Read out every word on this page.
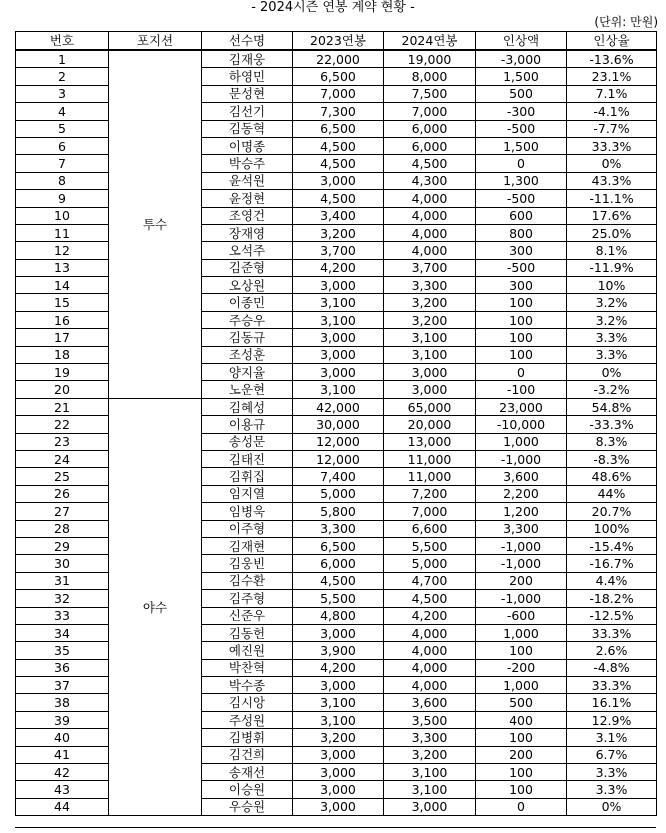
- 2024시즌 연봉 계약 현황 -
(단위: 만원)
번호	포지션	선수명	2023연봉	2024연봉	인상액	인상율
1	투수	김재웅	22,000	19,000	-3,000	-13.6%
2		하영민	6,500	8,000	1,500	23.1%
3		문성현	7,000	7,500	500	7.1%
4		김선기	7,300	7,000	-300	-4.1%
5		김동혁	6,500	6,000	-500	-7.7%
6		이명종	4,500	6,000	1,500	33.3%
7		박승주	4,500	4,500	0	0%
8		윤석원	3,000	4,300	1,300	43.3%
9		윤정현	4,500	4,000	-500	-11.1%
10		조영건	3,400	4,000	600	17.6%
11		장재영	3,200	4,000	800	25.0%
12		오석주	3,700	4,000	300	8.1%
13		김준형	4,200	3,700	-500	-11.9%
14		오상원	3,000	3,300	300	10%
15		이종민	3,100	3,200	100	3.2%
16		주승우	3,100	3,200	100	3.2%
17		김동규	3,000	3,100	100	3.3%
18		조성훈	3,000	3,100	100	3.3%
19		양지율	3,000	3,000	0	0%
20		노운현	3,100	3,000	-100	-3.2%
21	야수	김혜성	42,000	65,000	23,000	54.8%
22		이용규	30,000	20,000	-10,000	-33.3%
23		송성문	12,000	13,000	1,000	8.3%
24		김태진	12,000	11,000	-1,000	-8.3%
25		김휘집	7,400	11,000	3,600	48.6%
26		임지열	5,000	7,200	2,200	44%
27		임병욱	5,800	7,000	1,200	20.7%
28		이주형	3,300	6,600	3,300	100%
29		김재현	6,500	5,500	-1,000	-15.4%
30		김웅빈	6,000	5,000	-1,000	-16.7%
31		김수환	4,500	4,700	200	4.4%
32		김주형	5,500	4,500	-1,000	-18.2%
33		신준우	4,800	4,200	-600	-12.5%
34		김동헌	3,000	4,000	1,000	33.3%
35		예진원	3,900	4,000	100	2.6%
36		박찬혁	4,200	4,000	-200	-4.8%
37		박수종	3,000	4,000	1,000	33.3%
38		김시앙	3,100	3,600	500	16.1%
39		주성원	3,100	3,500	400	12.9%
40		김병휘	3,200	3,300	100	3.1%
41		김건희	3,000	3,200	200	6.7%
42		송재선	3,000	3,100	100	3.3%
43		이승원	3,000	3,100	100	3.3%
44		우승원	3,000	3,000	0	0%
